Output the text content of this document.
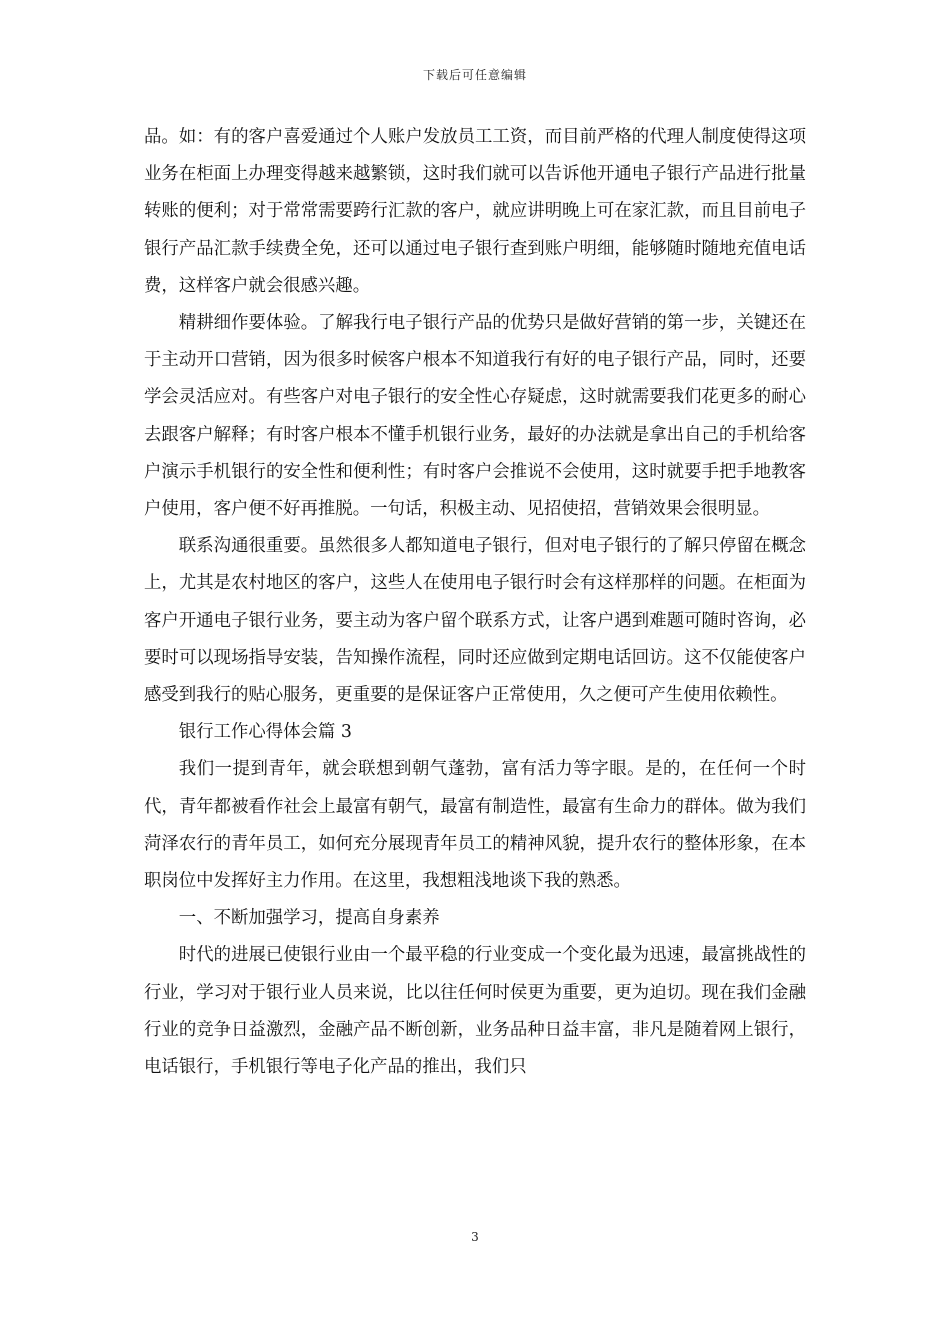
下载后可任意编辑

品。如：有的客户喜爱通过个人账户发放员工工资，而目前严格的代理人制度使得这项业务在柜面上办理变得越来越繁锁，这时我们就可以告诉他开通电子银行产品进行批量转账的便利；对于常常需要跨行汇款的客户，就应讲明晚上可在家汇款，而且目前电子银行产品汇款手续费全免，还可以通过电子银行查到账户明细，能够随时随地充值电话费，这样客户就会很感兴趣。

精耕细作要体验。了解我行电子银行产品的优势只是做好营销的第一步，关键还在于主动开口营销，因为很多时候客户根本不知道我行有好的电子银行产品，同时，还要学会灵活应对。有些客户对电子银行的安全性心存疑虑，这时就需要我们花更多的耐心去跟客户解释；有时客户根本不懂手机银行业务，最好的办法就是拿出自己的手机给客户演示手机银行的安全性和便利性；有时客户会推说不会使用，这时就要手把手地教客户使用，客户便不好再推脱。一句话，积极主动、见招使招，营销效果会很明显。

联系沟通很重要。虽然很多人都知道电子银行，但对电子银行的了解只停留在概念上，尤其是农村地区的客户，这些人在使用电子银行时会有这样那样的问题。在柜面为客户开通电子银行业务，要主动为客户留个联系方式，让客户遇到难题可随时咨询，必要时可以现场指导安装，告知操作流程，同时还应做到定期电话回访。这不仅能使客户感受到我行的贴心服务，更重要的是保证客户正常使用，久之便可产生使用依赖性。

银行工作心得体会篇 3

我们一提到青年，就会联想到朝气蓬勃，富有活力等字眼。是的，在任何一个时代，青年都被看作社会上最富有朝气，最富有制造性，最富有生命力的群体。做为我们菏泽农行的青年员工，如何充分展现青年员工的精神风貌，提升农行的整体形象，在本职岗位中发挥好主力作用。在这里，我想粗浅地谈下我的熟悉。

一、不断加强学习，提高自身素养

时代的进展已使银行业由一个最平稳的行业变成一个变化最为迅速，最富挑战性的行业，学习对于银行业人员来说，比以往任何时侯更为重要，更为迫切。现在我们金融行业的竞争日益激烈，金融产品不断创新，业务品种日益丰富，非凡是随着网上银行，电话银行，手机银行等电子化产品的推出，我们只

3
